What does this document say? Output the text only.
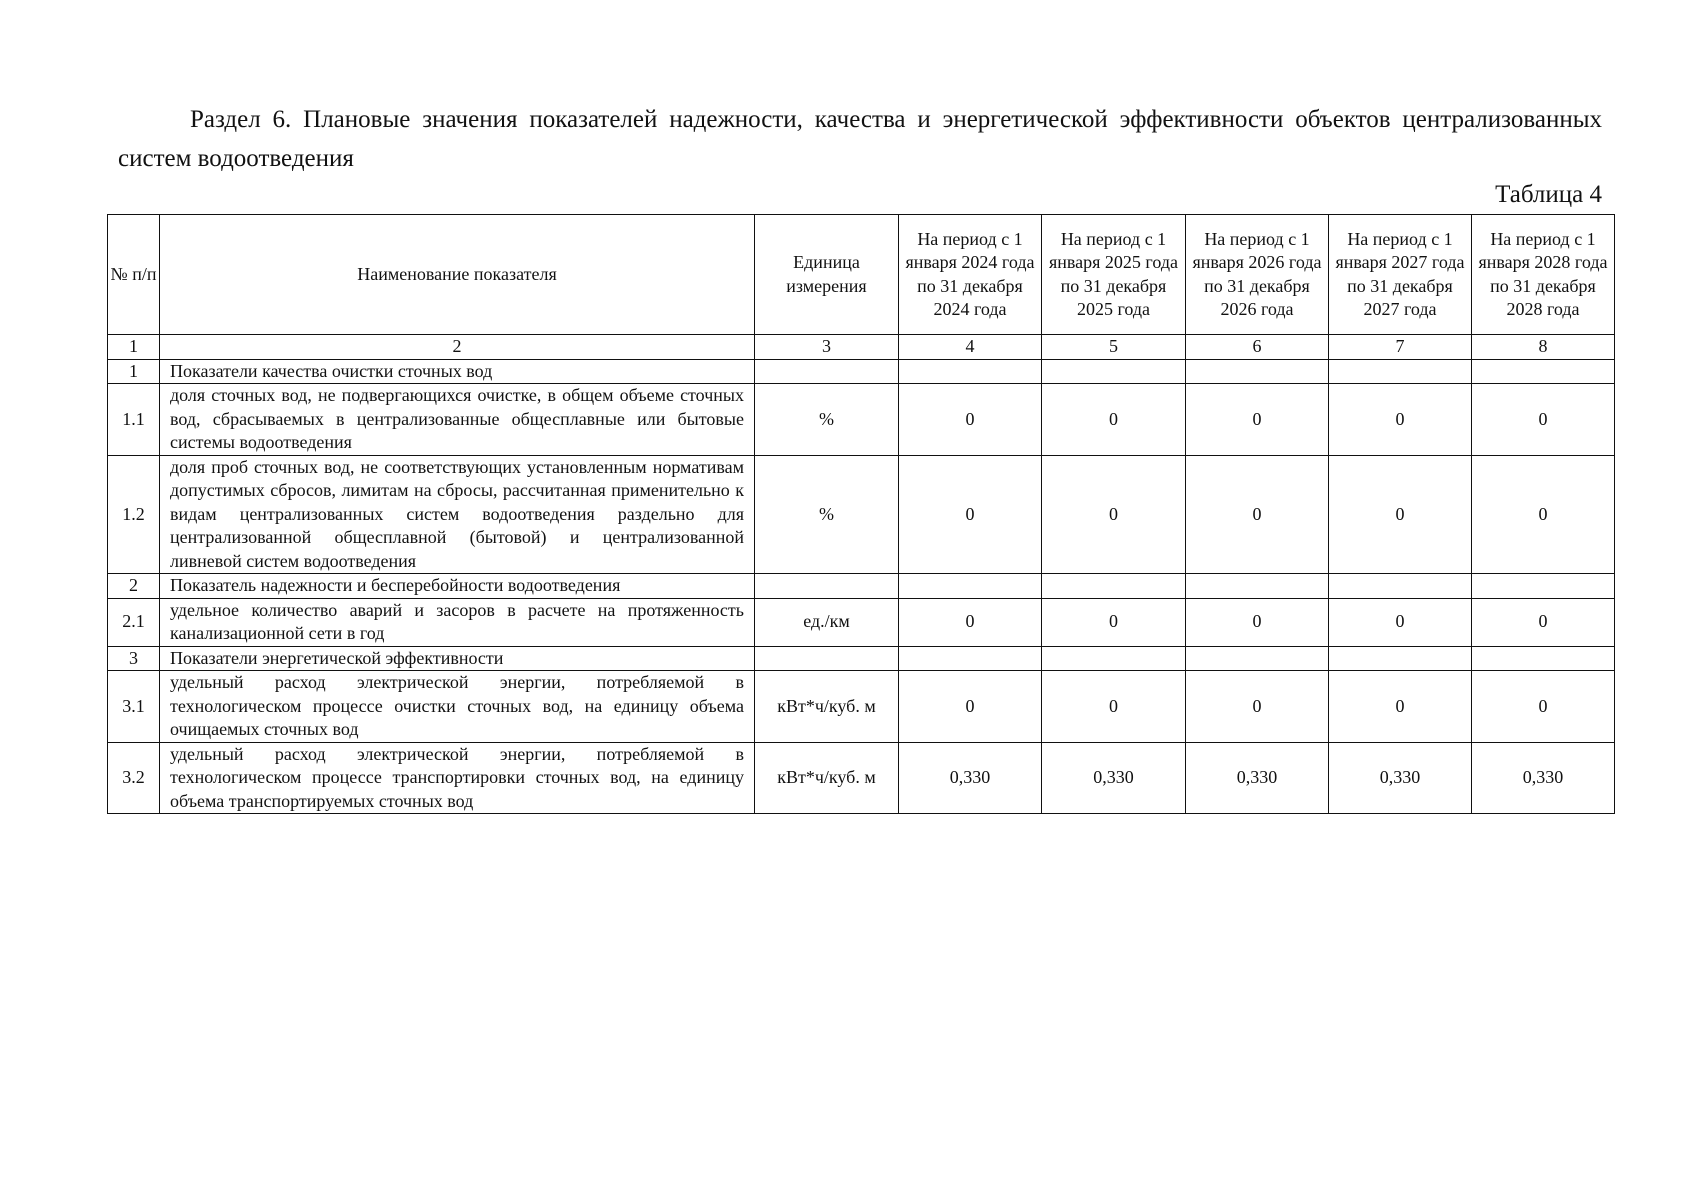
Раздел 6. Плановые значения показателей надежности, качества и энергетической эффективности объектов централизованных систем водоотведения
Таблица 4
№ п/п	Наименование показателя	Единица измерения	На период с 1 января 2024 года по 31 декабря 2024 года	На период с 1 января 2025 года по 31 декабря 2025 года	На период с 1 января 2026 года по 31 декабря 2026 года	На период с 1 января 2027 года по 31 декабря 2027 года	На период с 1 января 2028 года по 31 декабря 2028 года
1	2	3	4	5	6	7	8
1	Показатели качества очистки сточных вод						
1.1	доля сточных вод, не подвергающихся очистке, в общем объеме сточных вод, сбрасываемых в централизованные общесплавные или бытовые системы водоотведения	%	0	0	0	0	0
1.2	доля проб сточных вод, не соответствующих установленным нормативам допустимых сбросов, лимитам на сбросы, рассчитанная применительно к видам централизованных систем водоотведения раздельно для централизованной общесплавной (бытовой) и централизованной ливневой систем водоотведения	%	0	0	0	0	0
2	Показатель надежности и бесперебойности водоотведения						
2.1	удельное количество аварий и засоров в расчете на протяженность канализационной сети в год	ед./км	0	0	0	0	0
3	Показатели энергетической эффективности						
3.1	удельный расход электрической энергии, потребляемой в технологическом процессе очистки сточных вод, на единицу объема очищаемых сточных вод	кВт*ч/куб. м	0	0	0	0	0
3.2	удельный расход электрической энергии, потребляемой в технологическом процессе транспортировки сточных вод, на единицу объема транспортируемых сточных вод	кВт*ч/куб. м	0,330	0,330	0,330	0,330	0,330
